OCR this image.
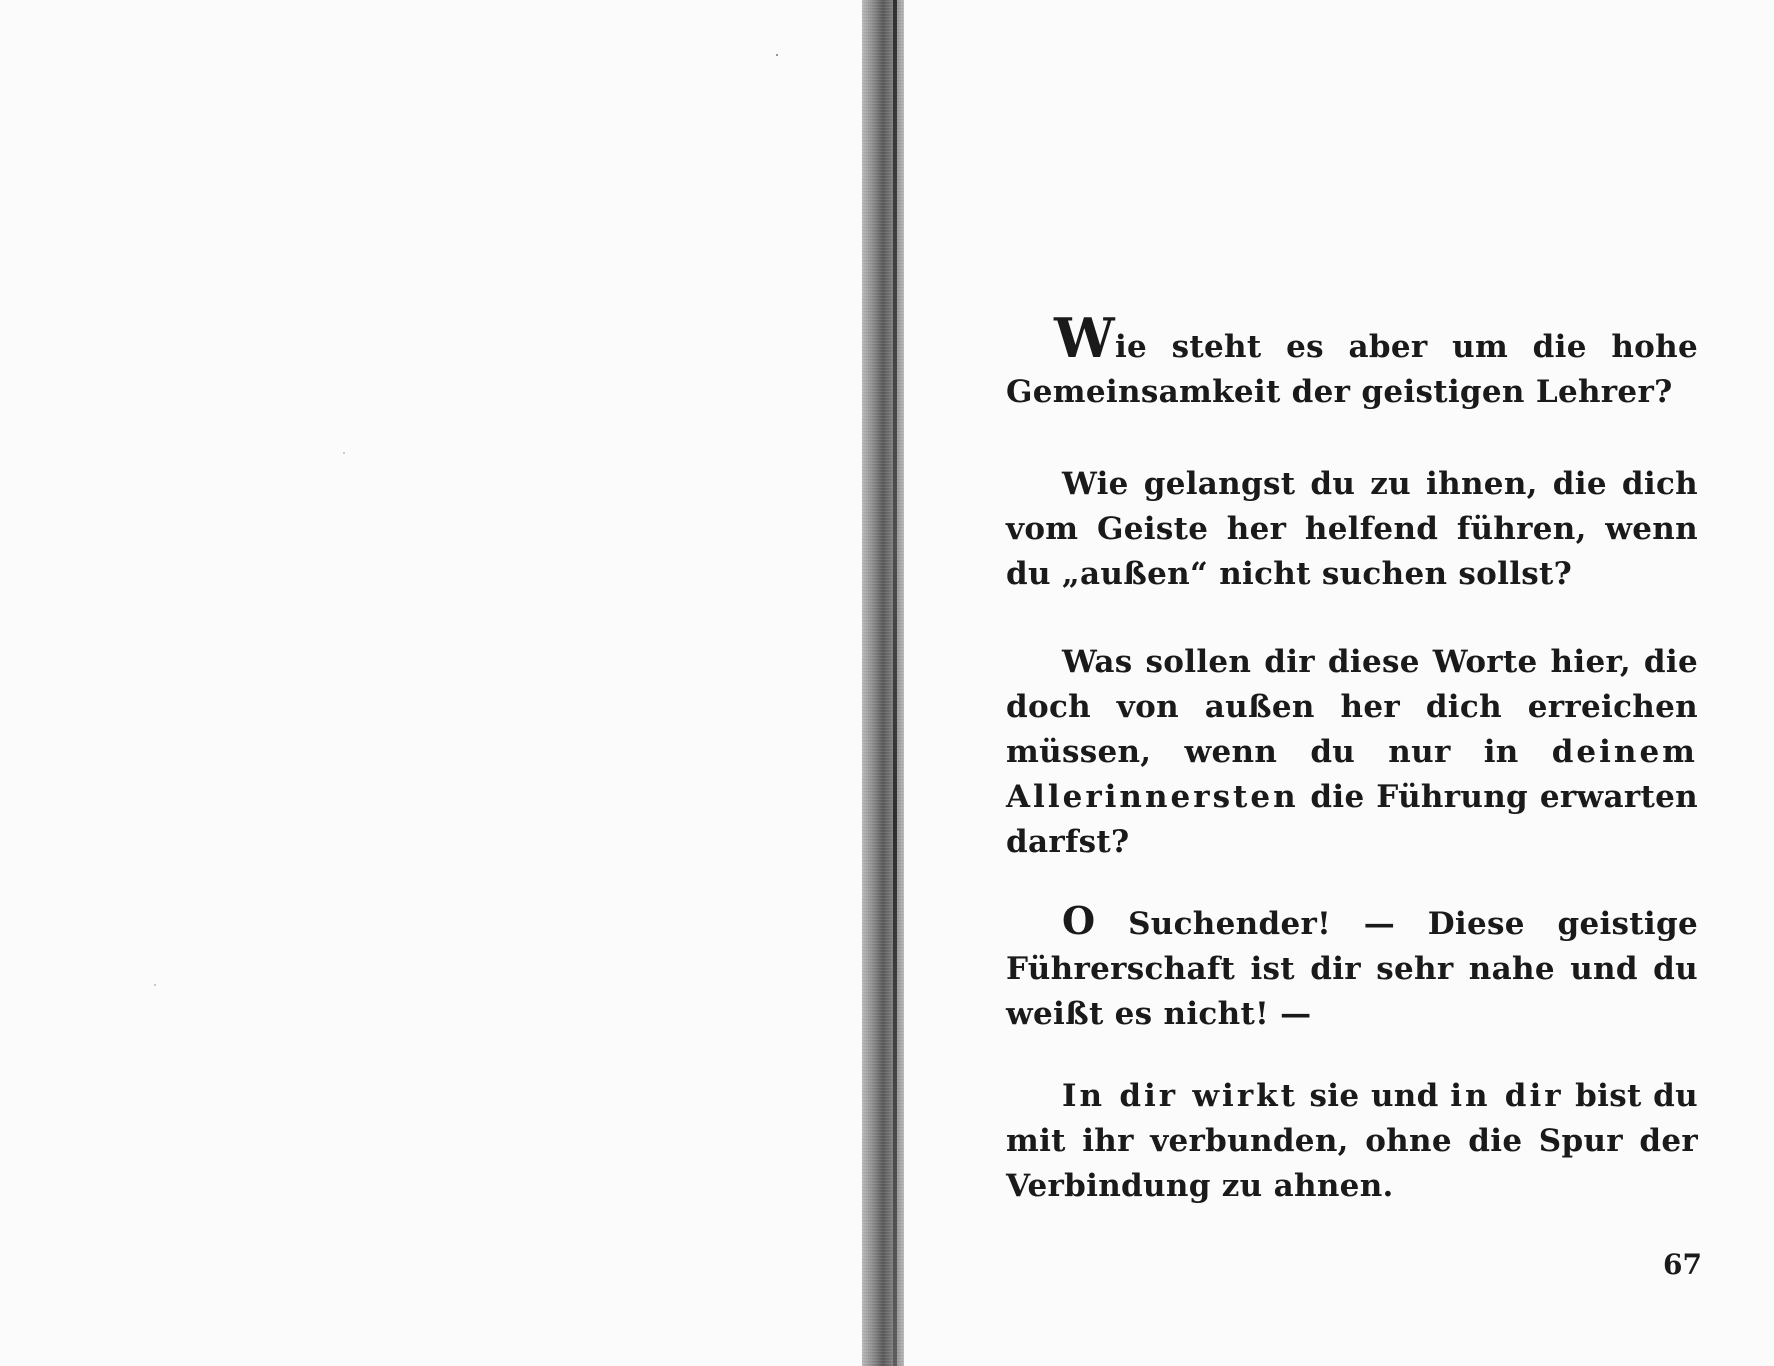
Wie steht es aber um die hohe Gemeinsamkeit der geistigen Lehrer?

Wie gelangst du zu ihnen, die dich vom Geiste her helfend führen, wenn du „außen“ nicht suchen sollst?

Was sollen dir diese Worte hier, die doch von außen her dich erreichen müssen, wenn du nur in deinem Allerinnersten die Führung erwarten darfst?

O Suchender! — Diese geistige Führerschaft ist dir sehr nahe und du weißt es nicht! —

In dir wirkt sie und in dir bist du mit ihr verbunden, ohne die Spur der Verbindung zu ahnen.

67
